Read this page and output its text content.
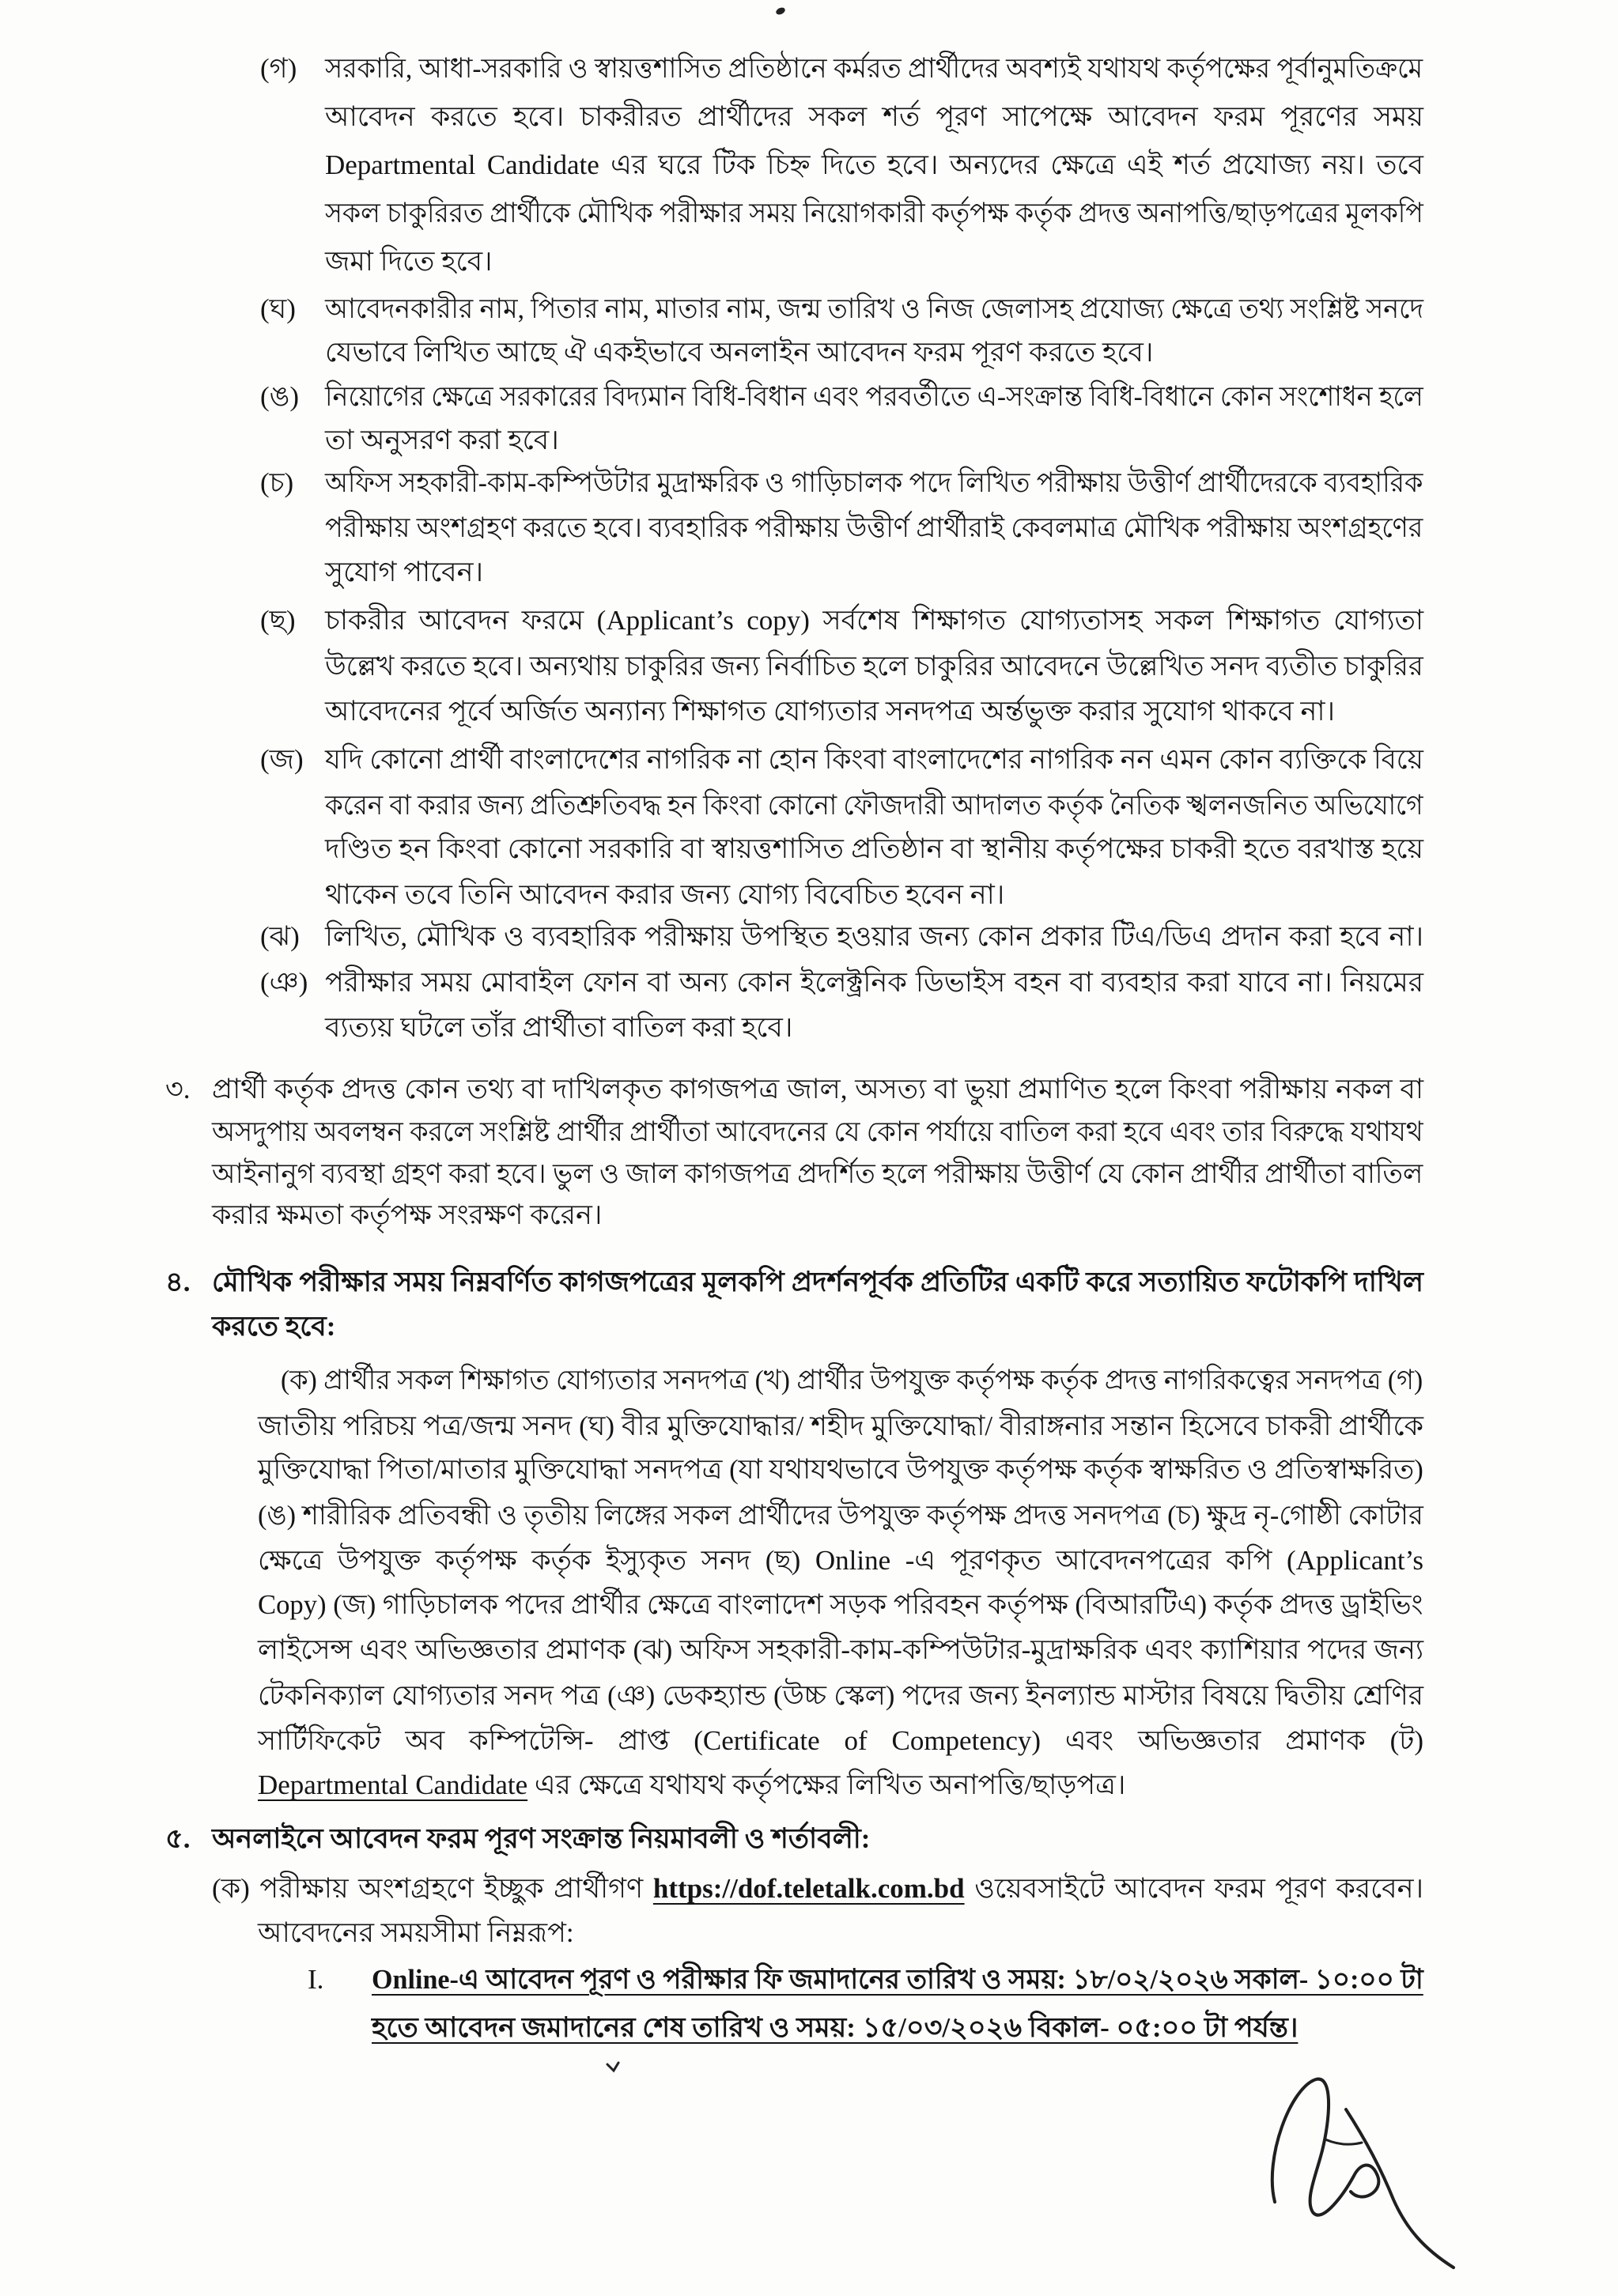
(গ) সরকারি, আধা-সরকারি ও স্বায়ত্তশাসিত প্রতিষ্ঠানে কর্মরত প্রার্থীদের অবশ্যই যথাযথ কর্তৃপক্ষের পূর্বানুমতিক্রমে
আবেদন করতে হবে। চাকরীরত প্রার্থীদের সকল শর্ত পূরণ সাপেক্ষে আবেদন ফরম পূরণের সময়
Departmental Candidate এর ঘরে টিক চিহ্ন দিতে হবে। অন্যদের ক্ষেত্রে এই শর্ত প্রযোজ্য নয়। তবে
সকল চাকুরিরত প্রার্থীকে মৌখিক পরীক্ষার সময় নিয়োগকারী কর্তৃপক্ষ কর্তৃক প্রদত্ত অনাপত্তি/ছাড়পত্রের মূলকপি
জমা দিতে হবে।
(ঘ) আবেদনকারীর নাম, পিতার নাম, মাতার নাম, জন্ম তারিখ ও নিজ জেলাসহ প্রযোজ্য ক্ষেত্রে তথ্য সংশ্লিষ্ট সনদে
যেভাবে লিখিত আছে ঐ একইভাবে অনলাইন আবেদন ফরম পূরণ করতে হবে।
(ঙ) নিয়োগের ক্ষেত্রে সরকারের বিদ্যমান বিধি-বিধান এবং পরবর্তীতে এ-সংক্রান্ত বিধি-বিধানে কোন সংশোধন হলে
তা অনুসরণ করা হবে।
(চ) অফিস সহকারী-কাম-কম্পিউটার মুদ্রাক্ষরিক ও গাড়িচালক পদে লিখিত পরীক্ষায় উত্তীর্ণ প্রার্থীদেরকে ব্যবহারিক
পরীক্ষায় অংশগ্রহণ করতে হবে। ব্যবহারিক পরীক্ষায় উত্তীর্ণ প্রার্থীরাই কেবলমাত্র মৌখিক পরীক্ষায় অংশগ্রহণের
সুযোগ পাবেন।
(ছ) চাকরীর আবেদন ফরমে (Applicant’s copy) সর্বশেষ শিক্ষাগত যোগ্যতাসহ সকল শিক্ষাগত যোগ্যতা
উল্লেখ করতে হবে। অন্যথায় চাকুরির জন্য নির্বাচিত হলে চাকুরির আবেদনে উল্লেখিত সনদ ব্যতীত চাকুরির
আবেদনের পূর্বে অর্জিত অন্যান্য শিক্ষাগত যোগ্যতার সনদপত্র অর্ন্তভুক্ত করার সুযোগ থাকবে না।
(জ) যদি কোনো প্রার্থী বাংলাদেশের নাগরিক না হোন কিংবা বাংলাদেশের নাগরিক নন এমন কোন ব্যক্তিকে বিয়ে
করেন বা করার জন্য প্রতিশ্রুতিবদ্ধ হন কিংবা কোনো ফৌজদারী আদালত কর্তৃক নৈতিক স্খলনজনিত অভিযোগে
দণ্ডিত হন কিংবা কোনো সরকারি বা স্বায়ত্তশাসিত প্রতিষ্ঠান বা স্থানীয় কর্তৃপক্ষের চাকরী হতে বরখাস্ত হয়ে
থাকেন তবে তিনি আবেদন করার জন্য যোগ্য বিবেচিত হবেন না।
(ঝ) লিখিত, মৌখিক ও ব্যবহারিক পরীক্ষায় উপস্থিত হওয়ার জন্য কোন প্রকার টিএ/ডিএ প্রদান করা হবে না।
(ঞ) পরীক্ষার সময় মোবাইল ফোন বা অন্য কোন ইলেক্ট্রনিক ডিভাইস বহন বা ব্যবহার করা যাবে না। নিয়মের
ব্যত্যয় ঘটলে তাঁর প্রার্থীতা বাতিল করা হবে।
৩. প্রার্থী কর্তৃক প্রদত্ত কোন তথ্য বা দাখিলকৃত কাগজপত্র জাল, অসত্য বা ভুয়া প্রমাণিত হলে কিংবা পরীক্ষায় নকল বা
অসদুপায় অবলম্বন করলে সংশ্লিষ্ট প্রার্থীর প্রার্থীতা আবেদনের যে কোন পর্যায়ে বাতিল করা হবে এবং তার বিরুদ্ধে যথাযথ
আইনানুগ ব্যবস্থা গ্রহণ করা হবে। ভুল ও জাল কাগজপত্র প্রদর্শিত হলে পরীক্ষায় উত্তীর্ণ যে কোন প্রার্থীর প্রার্থীতা বাতিল
করার ক্ষমতা কর্তৃপক্ষ সংরক্ষণ করেন।
৪. মৌখিক পরীক্ষার সময় নিম্নবর্ণিত কাগজপত্রের মূলকপি প্রদর্শনপূর্বক প্রতিটির একটি করে সত্যায়িত ফটোকপি দাখিল
করতে হবে:
(ক) প্রার্থীর সকল শিক্ষাগত যোগ্যতার সনদপত্র (খ) প্রার্থীর উপযুক্ত কর্তৃপক্ষ কর্তৃক প্রদত্ত নাগরিকত্বের সনদপত্র (গ)
জাতীয় পরিচয় পত্র/জন্ম সনদ (ঘ) বীর মুক্তিযোদ্ধার/ শহীদ মুক্তিযোদ্ধা/ বীরাঙ্গনার সন্তান হিসেবে চাকরী প্রার্থীকে
মুক্তিযোদ্ধা পিতা/মাতার মুক্তিযোদ্ধা সনদপত্র (যা যথাযথভাবে উপযুক্ত কর্তৃপক্ষ কর্তৃক স্বাক্ষরিত ও প্রতিস্বাক্ষরিত)
(ঙ) শারীরিক প্রতিবন্ধী ও তৃতীয় লিঙ্গের সকল প্রার্থীদের উপযুক্ত কর্তৃপক্ষ প্রদত্ত সনদপত্র (চ) ক্ষুদ্র নৃ-গোষ্ঠী কোটার
ক্ষেত্রে উপযুক্ত কর্তৃপক্ষ কর্তৃক ইস্যুকৃত সনদ (ছ) Online -এ পূরণকৃত আবেদনপত্রের কপি (Applicant’s
Copy) (জ) গাড়িচালক পদের প্রার্থীর ক্ষেত্রে বাংলাদেশ সড়ক পরিবহন কর্তৃপক্ষ (বিআরটিএ) কর্তৃক প্রদত্ত ড্রাইভিং
লাইসেন্স এবং অভিজ্ঞতার প্রমাণক (ঝ) অফিস সহকারী-কাম-কম্পিউটার-মুদ্রাক্ষরিক এবং ক্যাশিয়ার পদের জন্য
টেকনিক্যাল যোগ্যতার সনদ পত্র (ঞ) ডেকহ্যান্ড (উচ্চ স্কেল) পদের জন্য ইনল্যান্ড মাস্টার বিষয়ে দ্বিতীয় শ্রেণির
সার্টিফিকেট অব কম্পিটেন্সি- প্রাপ্ত (Certificate of Competency) এবং অভিজ্ঞতার প্রমাণক (ট)
Departmental Candidate এর ক্ষেত্রে যথাযথ কর্তৃপক্ষের লিখিত অনাপত্তি/ছাড়পত্র।
৫. অনলাইনে আবেদন ফরম পূরণ সংক্রান্ত নিয়মাবলী ও শর্তাবলী:
(ক) পরীক্ষায় অংশগ্রহণে ইচ্ছুক প্রার্থীগণ https://dof.teletalk.com.bd ওয়েবসাইটে আবেদন ফরম পূরণ করবেন।
আবেদনের সময়সীমা নিম্নরূপ:
I. Online-এ আবেদন পূরণ ও পরীক্ষার ফি জমাদানের তারিখ ও সময়: ১৮/০২/২০২৬ সকাল- ১০:০০ টা
হতে আবেদন জমাদানের শেষ তারিখ ও সময়: ১৫/০৩/২০২৬ বিকাল- ০৫:০০ টা পর্যন্ত।
